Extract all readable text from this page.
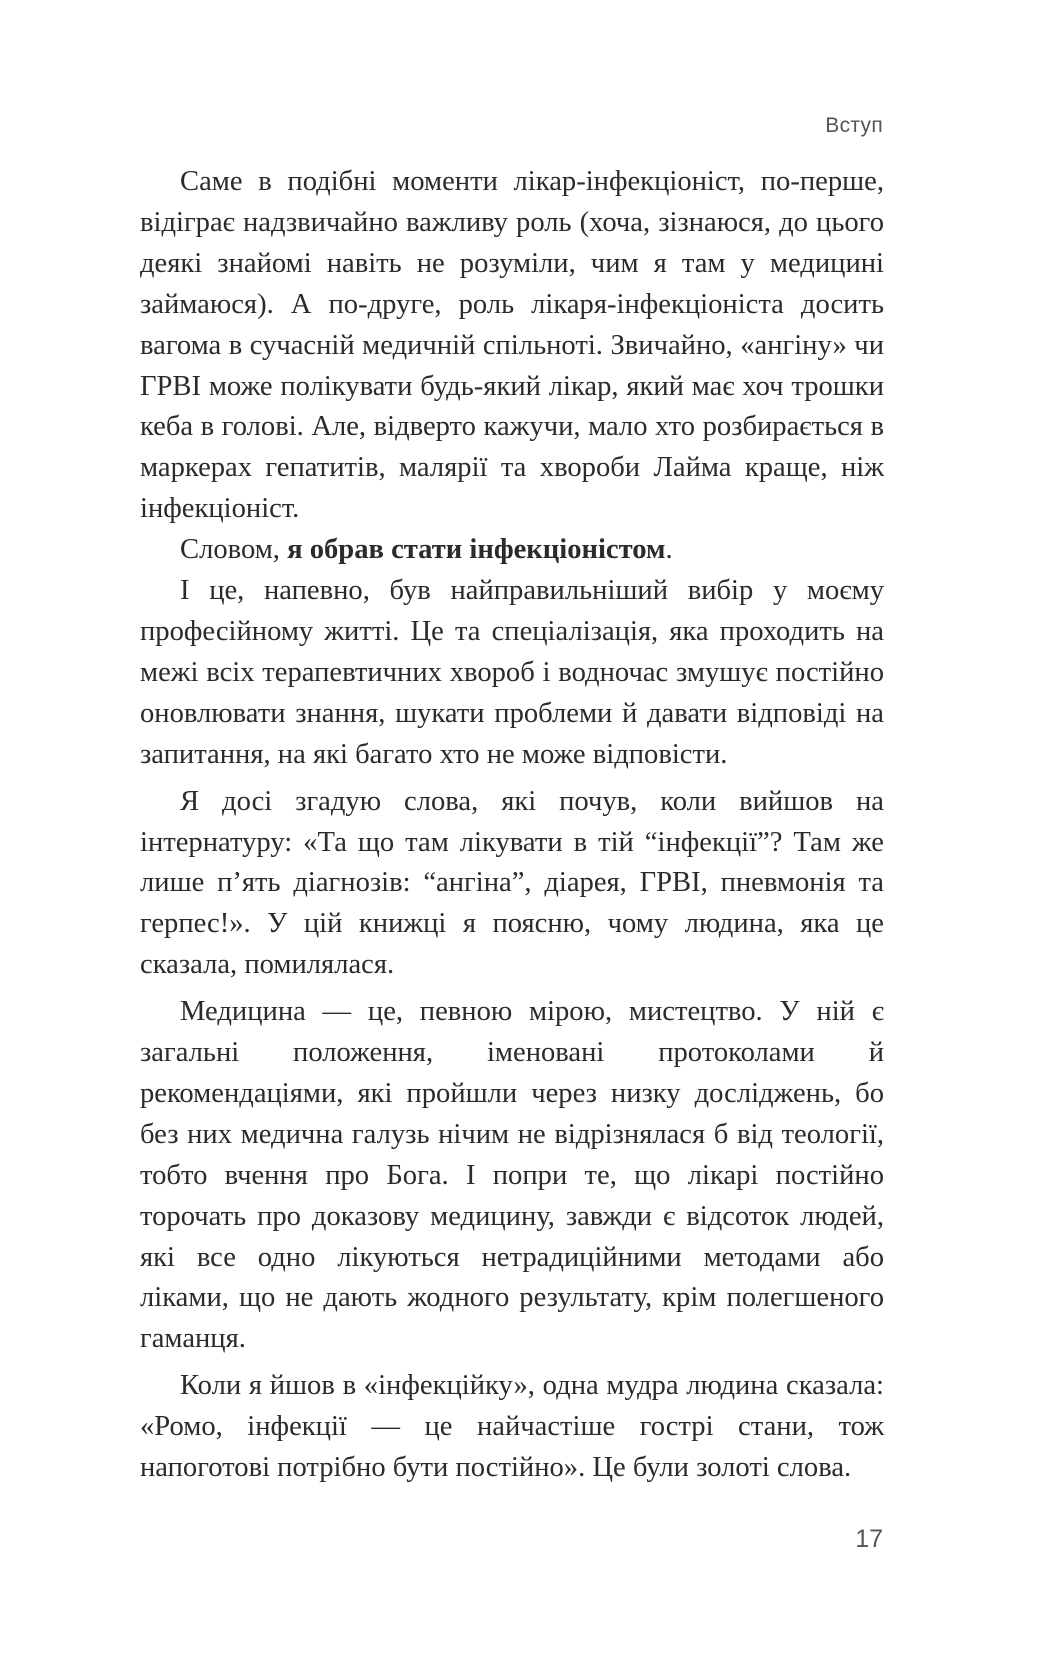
Вступ

Саме в подібні моменти лікар-інфекціоніст, по-перше, відіграє надзвичайно важливу роль (хоча, зізнаюся, до цього деякі знайомі навіть не розуміли, чим я там у медицині займаюся). А по-друге, роль лікаря-інфекціоніста досить вагома в сучасній медичній спільноті. Звичайно, «ангіну» чи ГРВІ може полікувати будь-який лікар, який має хоч трошки кеба в голові. Але, відверто кажучи, мало хто розбирається в маркерах гепатитів, малярії та хвороби Лайма краще, ніж інфекціоніст.

Словом, я обрав стати інфекціоністом.

І це, напевно, був найправильніший вибір у моєму професійному житті. Це та спеціалізація, яка проходить на межі всіх терапевтичних хвороб і водночас змушує постійно оновлювати знання, шукати проблеми й давати відповіді на запитання, на які багато хто не може відповісти.

Я досі згадую слова, які почув, коли вийшов на інтернатуру: «Та що там лікувати в тій “інфекції”? Там же лише п’ять діагнозів: “ангіна”, діарея, ГРВІ, пневмонія та герпес!». У цій книжці я поясню, чому людина, яка це сказала, помилялася.

Медицина — це, певною мірою, мистецтво. У ній є загальні положення, іменовані протоколами й рекомендаціями, які пройшли через низку досліджень, бо без них медична галузь нічим не відрізнялася б від теології, тобто вчення про Бога. І попри те, що лікарі постійно торочать про доказову медицину, завжди є відсоток людей, які все одно лікуються нетрадиційними методами або ліками, що не дають жодного результату, крім полегшеного гаманця.

Коли я йшов в «інфекційку», одна мудра людина сказала: «Ромо, інфекції — це найчастіше гострі стани, тож напоготові потрібно бути постійно». Це були золоті слова.

17
